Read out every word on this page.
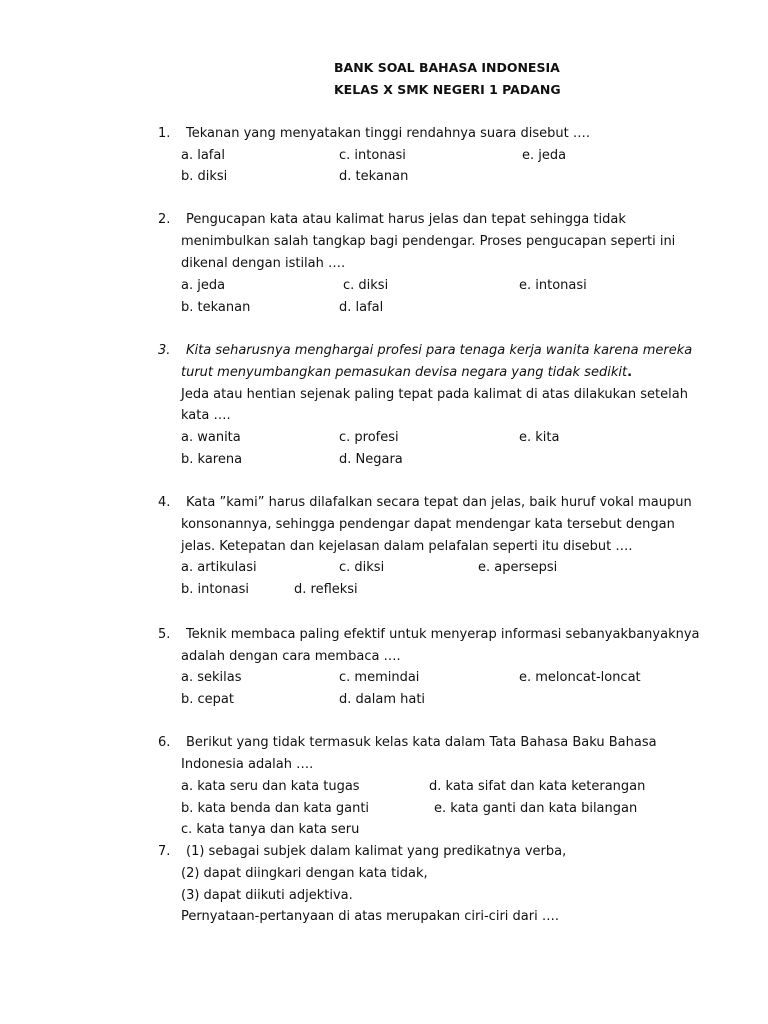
BANK SOAL BAHASA INDONESIA
KELAS X SMK NEGERI 1 PADANG
1. Tekanan yang menyatakan tinggi rendahnya suara disebut ….
a. lafal	c. intonasi	e. jeda
b. diksi	d. tekanan
2. Pengucapan kata atau kalimat harus jelas dan tepat sehingga tidak
menimbulkan salah tangkap bagi pendengar. Proses pengucapan seperti ini
dikenal dengan istilah ….
a. jeda	c. diksi	e. intonasi
b. tekanan	d. lafal
3. Kita seharusnya menghargai profesi para tenaga kerja wanita karena mereka
turut menyumbangkan pemasukan devisa negara yang tidak sedikit.
Jeda atau hentian sejenak paling tepat pada kalimat di atas dilakukan setelah
kata ….
a. wanita	c. profesi	e. kita
b. karena	d. Negara
4. Kata ”kami” harus dilafalkan secara tepat dan jelas, baik huruf vokal maupun
konsonannya, sehingga pendengar dapat mendengar kata tersebut dengan
jelas. Ketepatan dan kejelasan dalam pelafalan seperti itu disebut ….
a. artikulasi	c. diksi	e. apersepsi
b. intonasi	d. refleksi
5. Teknik membaca paling efektif untuk menyerap informasi sebanyakbanyaknya
adalah dengan cara membaca ….
a. sekilas	c. memindai	e. meloncat-loncat
b. cepat	d. dalam hati
6. Berikut yang tidak termasuk kelas kata dalam Tata Bahasa Baku Bahasa
Indonesia adalah ….
a. kata seru dan kata tugas	d. kata sifat dan kata keterangan
b. kata benda dan kata ganti	e. kata ganti dan kata bilangan
c. kata tanya dan kata seru
7. (1) sebagai subjek dalam kalimat yang predikatnya verba,
(2) dapat diingkari dengan kata tidak,
(3) dapat diikuti adjektiva.
Pernyataan-pertanyaan di atas merupakan ciri-ciri dari ….
